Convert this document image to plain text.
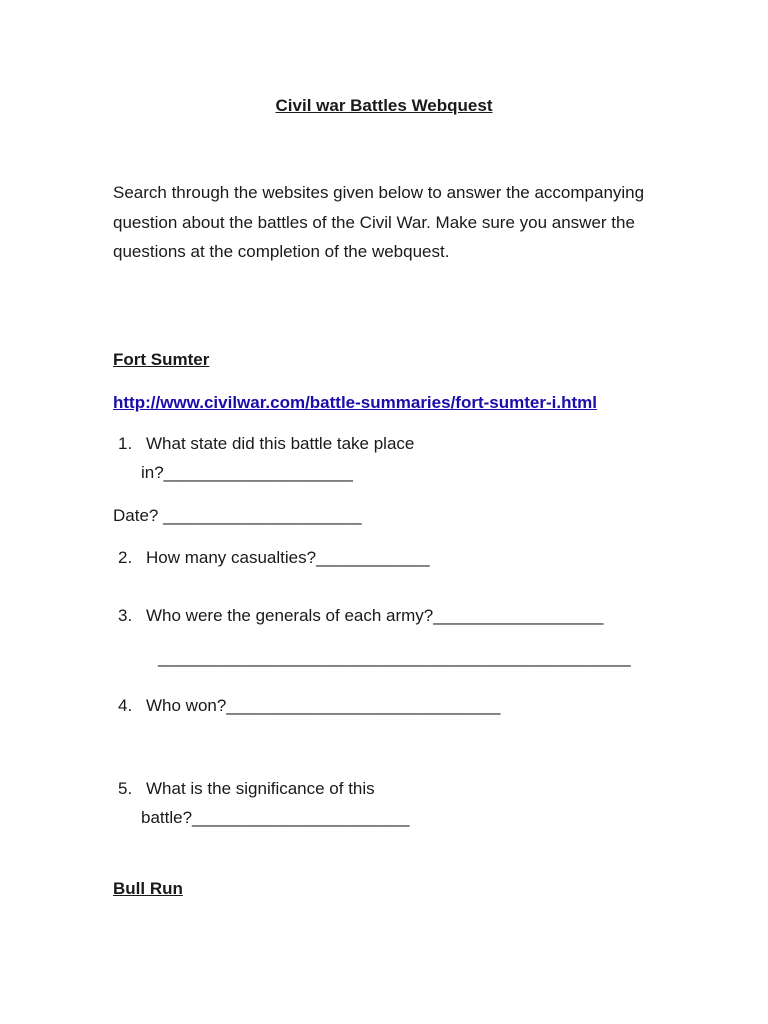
Civil war Battles Webquest
Search through the websites given below to answer the accompanying question about the battles of the Civil War. Make sure you answer the questions at the completion of the webquest.
Fort Sumter
http://www.civilwar.com/battle-summaries/fort-sumter-i.html
1. What state did this battle take place
in?____________________
Date? _____________________
2. How many casualties?____________
3. Who were the generals of each army?__________________
__________________________________________________
4. Who won?_____________________________
5. What is the significance of this
battle?_______________________
Bull Run
